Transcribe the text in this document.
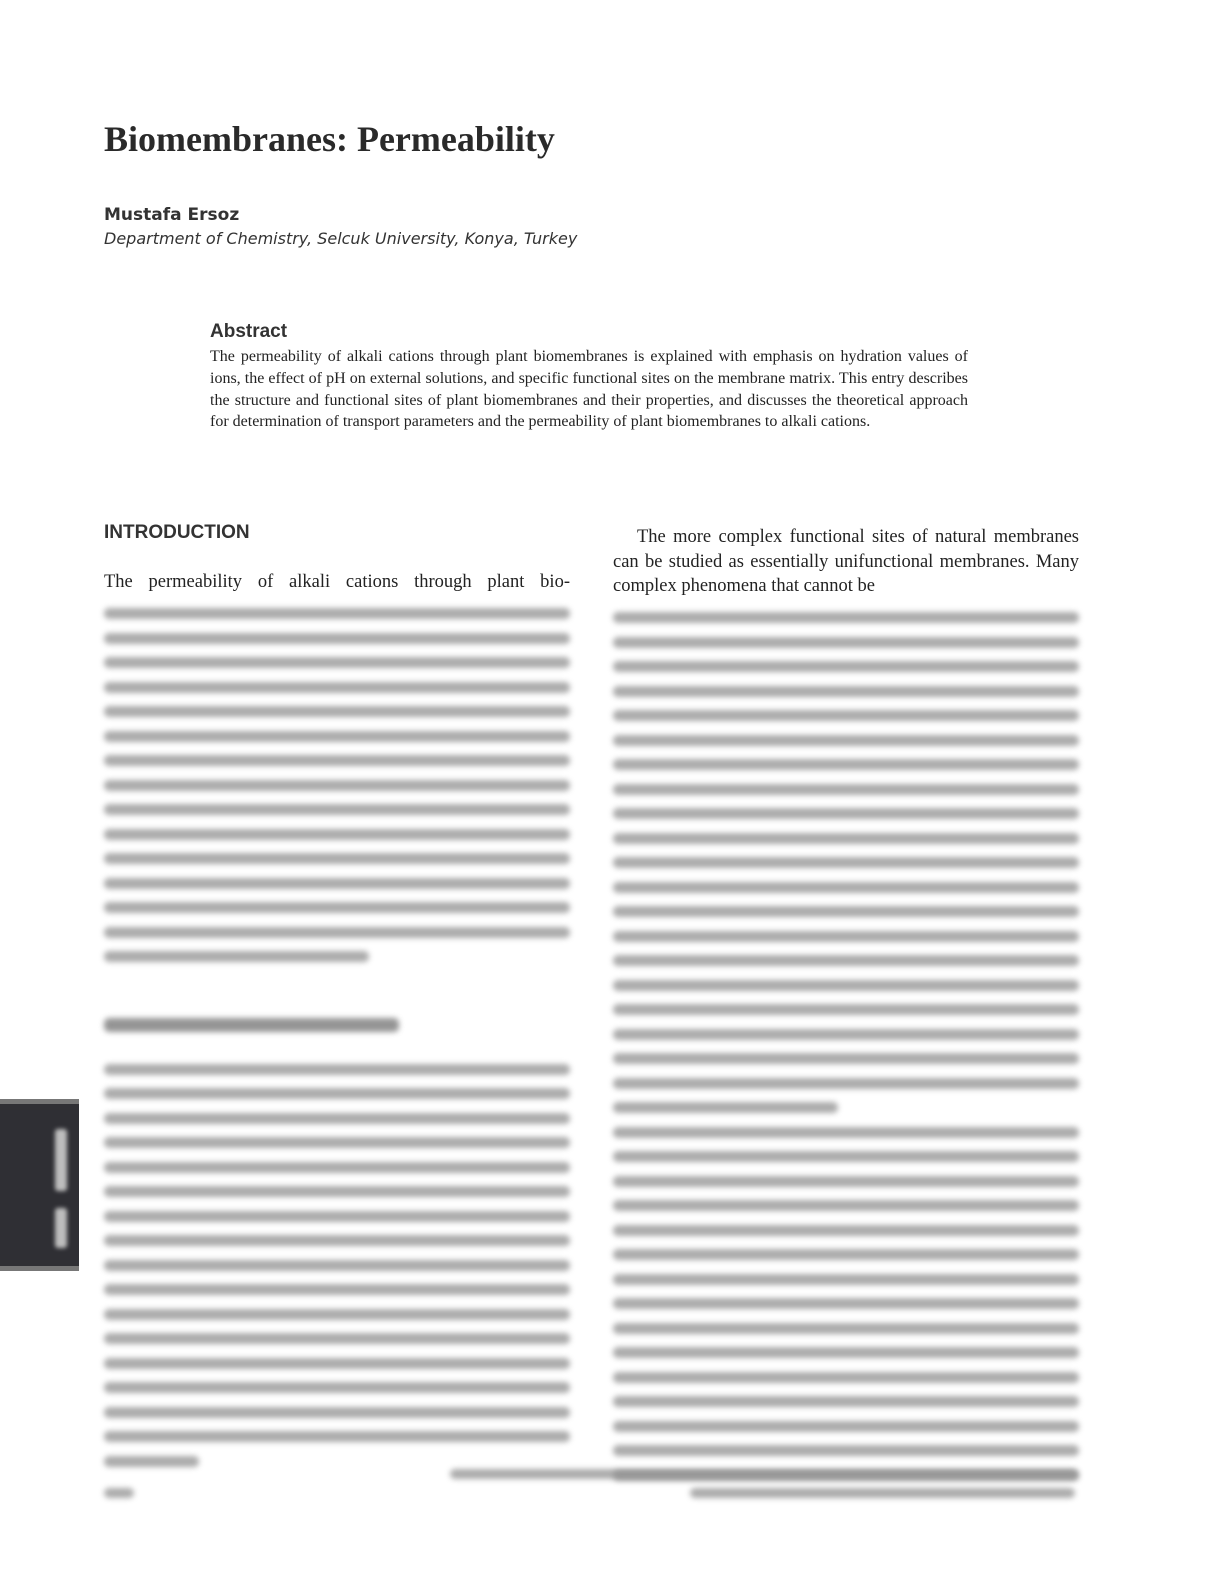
Biomembranes: Permeability
Mustafa Ersoz
Department of Chemistry, Selcuk University, Konya, Turkey
Abstract

The permeability of alkali cations through plant biomembranes is explained with emphasis on hydration values of ions, the effect of pH on external solutions, and specific functional sites on the membrane matrix. This entry describes the structure and functional sites of plant biomembranes and their properties, and discusses the theoretical approach for determination of transport parameters and the permeability of plant biomembranes to alkali cations.

INTRODUCTION

The permeability of alkali cations through plant bio-

The more complex functional sites of natural membranes can be studied as essentially unifunctional membranes. Many complex phenomena that cannot be
